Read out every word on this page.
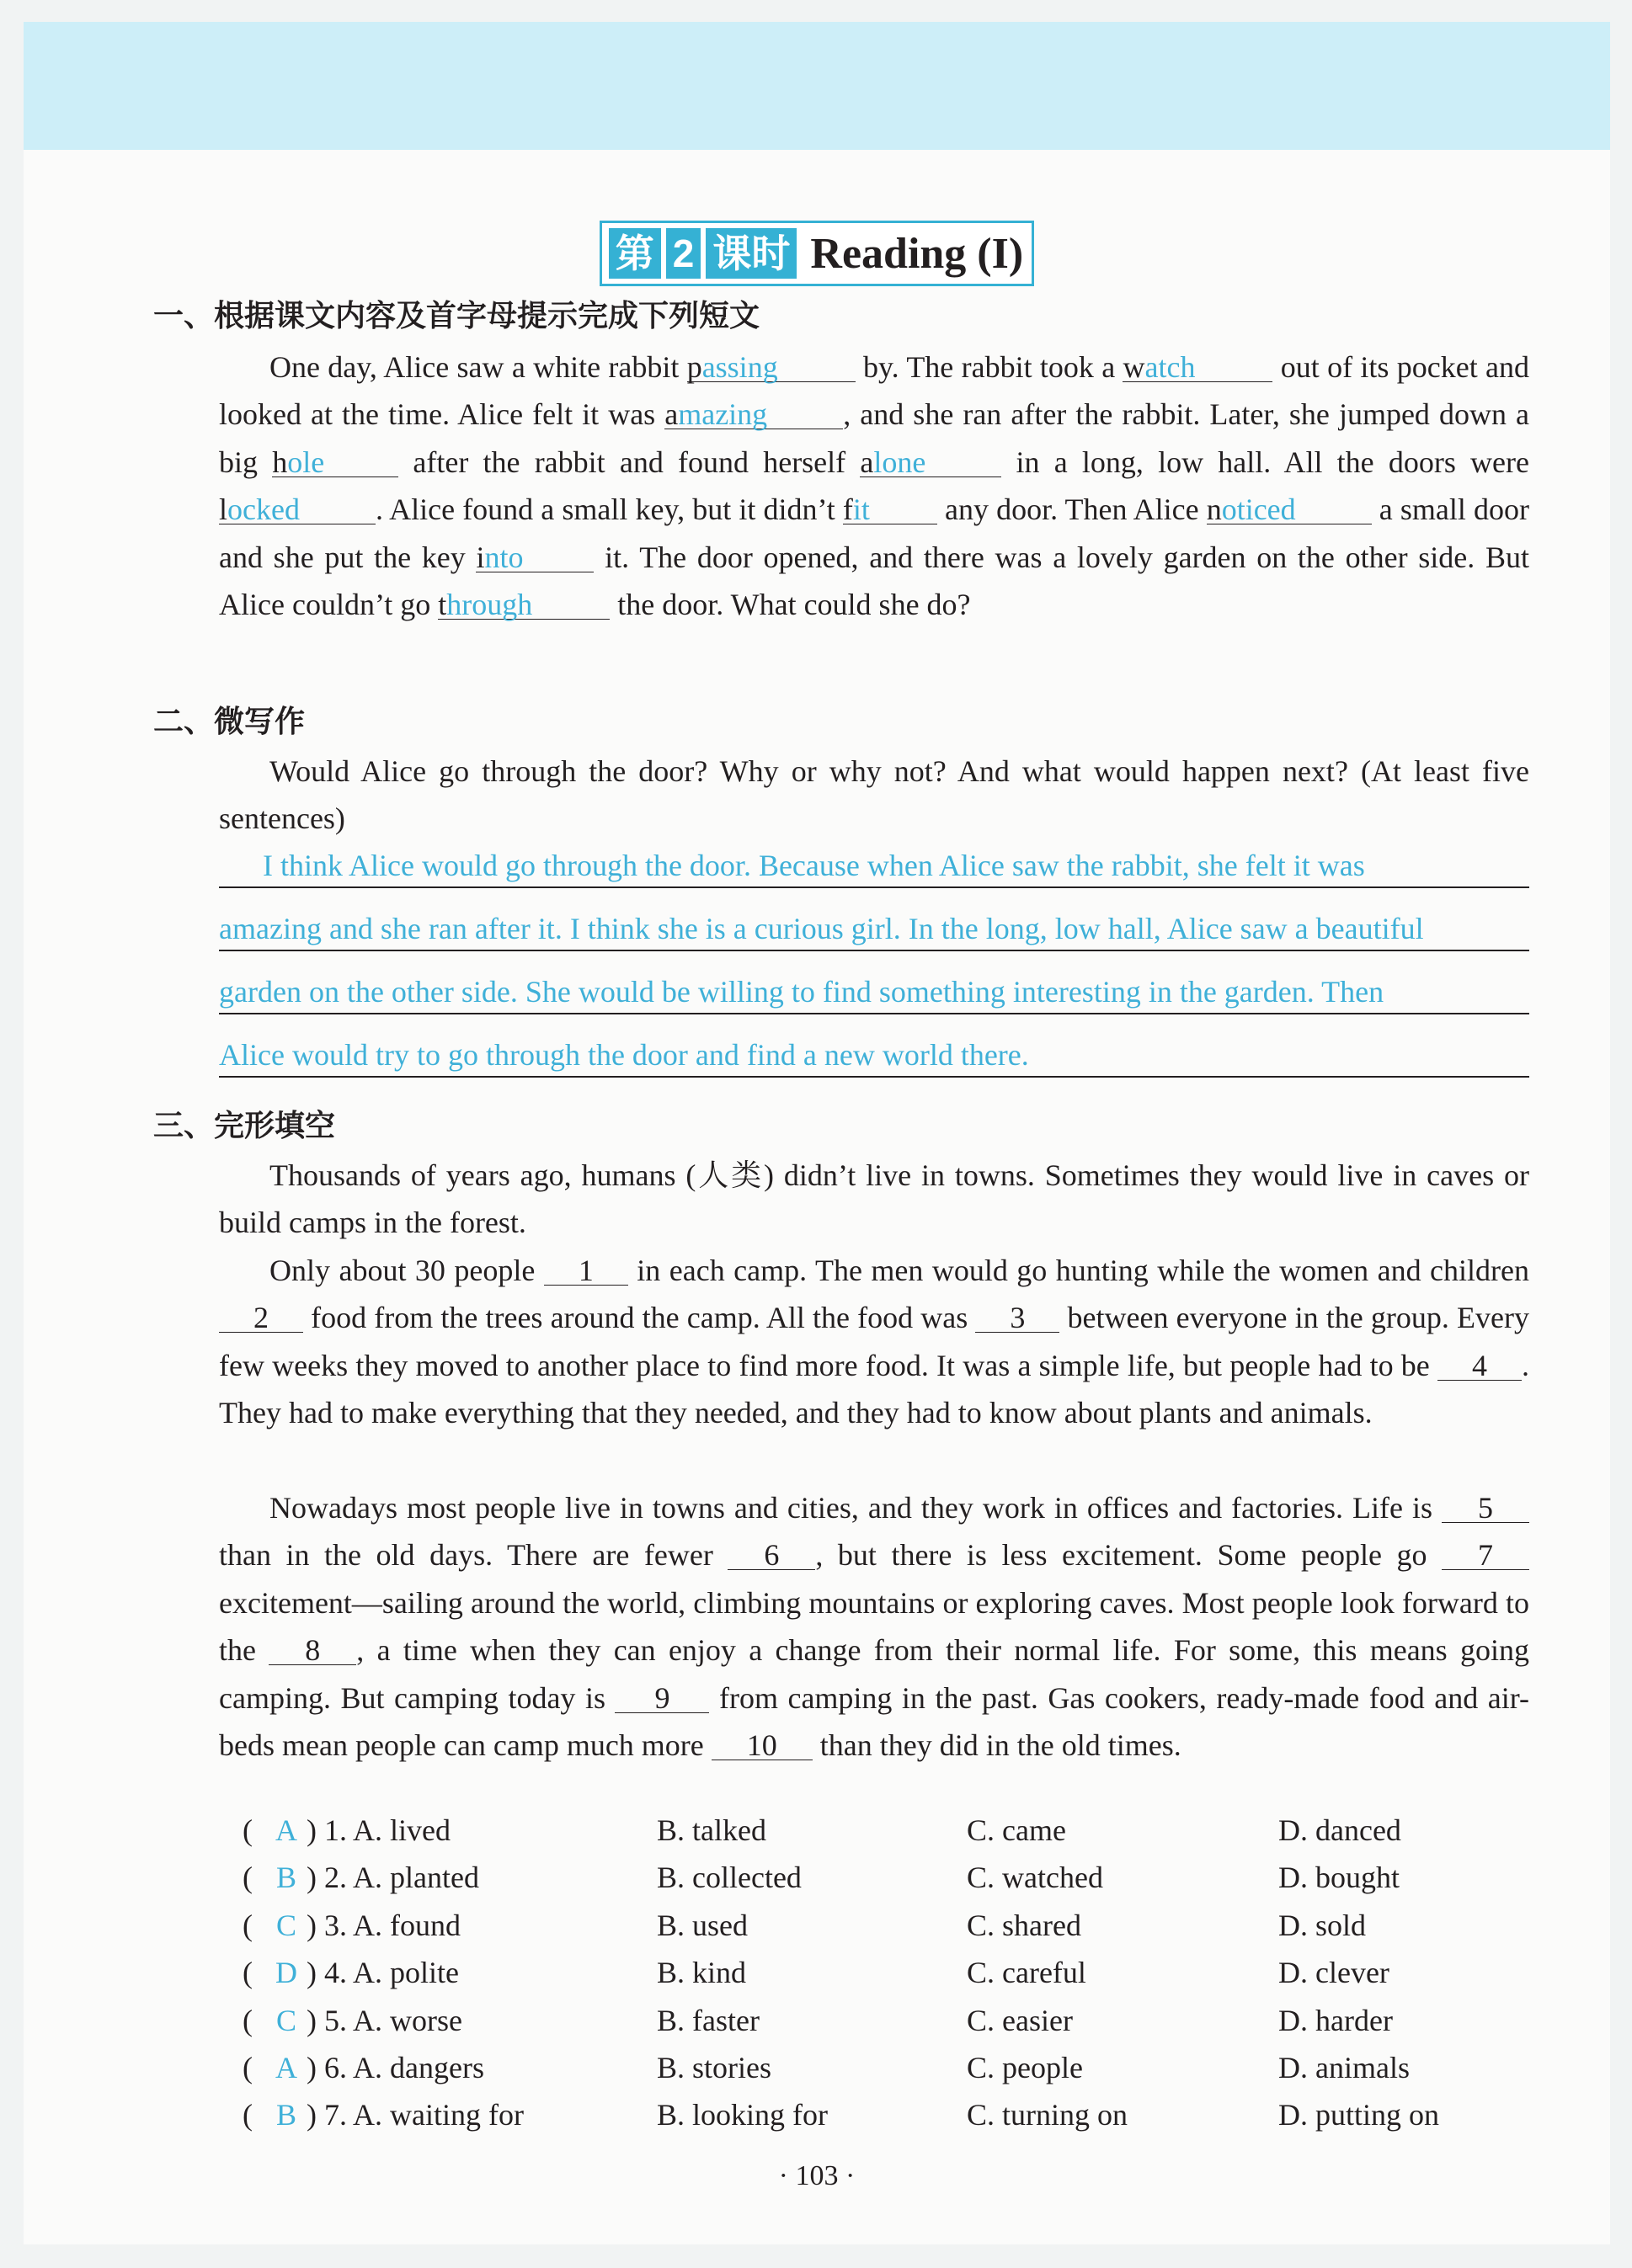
第 2 课时 Reading (I)
一、根据课文内容及首字母提示完成下列短文
One day, Alice saw a white rabbit passing	by. The rabbit took a watch	out of its pocket and looked at the time. Alice felt it was amazing	, and she ran after the rabbit. Later, she jumped down a big hole after the rabbit and found herself alone	in a long, low hall. All the doors were locked	. Alice found a small key, but it didn’t fit any door. Then Alice noticed	a small door and she put the key into it. The door opened, and there was a lovely garden on the other side. But Alice couldn’t go through	the door. What could she do?
二、微写作
Would Alice go through the door? Why or why not? And what would happen next? (At least five sentences)
I think Alice would go through the door. Because when Alice saw the rabbit, she felt it was
amazing and she ran after it. I think she is a curious girl. In the long, low hall, Alice saw a beautiful
garden on the other side. She would be willing to find something interesting in the garden. Then
Alice would try to go through the door and find a new world there.
三、完形填空
Thousands of years ago, humans (人类) didn’t live in towns. Sometimes they would live in caves or build camps in the forest.
Only about 30 people 1 in each camp. The men would go hunting while the women and children 2 food from the trees around the camp. All the food was 3 between everyone in the group. Every few weeks they moved to another place to find more food. It was a simple life, but people had to be 4 . They had to make everything that they needed, and they had to know about plants and animals.
Nowadays most people live in towns and cities, and they work in offices and factories. Life is 5 than in the old days. There are fewer 6 , but there is less excitement. Some people go 7 excitement—sailing around the world, climbing mountains or exploring caves. Most people look forward to the 8 , a time when they can enjoy a change from their normal life. For some, this means going camping. But camping today is 9 from camping in the past. Gas cookers, ready-made food and air-beds mean people can camp much more 10 than they did in the old times.
( A ) 1. A. lived	B. talked	C. came	D. danced
( B ) 2. A. planted	B. collected	C. watched	D. bought
( C ) 3. A. found	B. used	C. shared	D. sold
( D ) 4. A. polite	B. kind	C. careful	D. clever
( C ) 5. A. worse	B. faster	C. easier	D. harder
( A ) 6. A. dangers	B. stories	C. people	D. animals
( B ) 7. A. waiting for	B. looking for	C. turning on	D. putting on
· 103 ·
